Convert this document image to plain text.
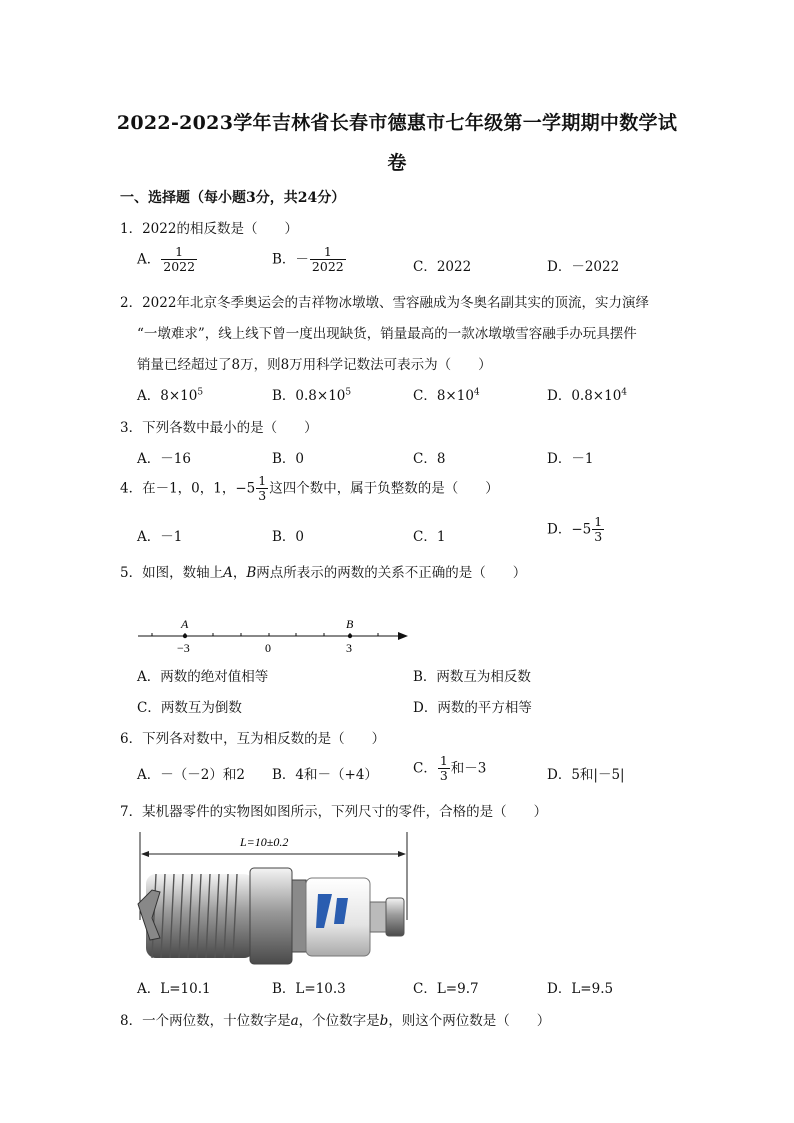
2022-2023学年吉林省长春市德惠市七年级第一学期期中数学试
卷
一、选择题（每小题3分，共24分）
1．2022的相反数是（　　）
A． $\frac{1}{2022}$	B．－ $\frac{1}{2022}$	C．2022	D．－2022
2．2022年北京冬季奥运会的吉祥物冰墩墩、雪容融成为冬奥名副其实的顶流，实力演绎
“一墩难求”，线上线下曾一度出现缺货，销量最高的一款冰墩墩雪容融手办玩具摆件
销量已经超过了8万，则8万用科学记数法可表示为（　　）
A．$8\times 10^5$	B．$0.8\times 10^5$	C．$8\times 10^4$	D．$0.8\times 10^4$
3．下列各数中最小的是（　　）
A．－16	B．0	C．8	D．－1
4．在－1，0，1，$-5 \frac{1}{3}$ 这四个数中，属于负整数的是（　　）
A．－1	B．0	C．1	D．$-5 \frac{1}{3}$
5．如图，数轴上A，B两点所表示的两数的关系不正确的是（　　）
A	B
−3	0	3
A．两数的绝对值相等	B．两数互为相反数
C．两数互为倒数	D．两数的平方相等
6．下列各对数中，互为相反数的是（　　）
A．－（－2）和2 B．4和－（+4）	C． $\frac{1}{3}$ 和－3	D．5和|－5|
7．某机器零件的实物图如图所示，下列尺寸的零件，合格的是（　　）
L=10±0.2
A．L=10.1	B．L=10.3	C．L=9.7	D．L=9.5
8．一个两位数，十位数字是a，个位数字是b，则这个两位数是（　　）
